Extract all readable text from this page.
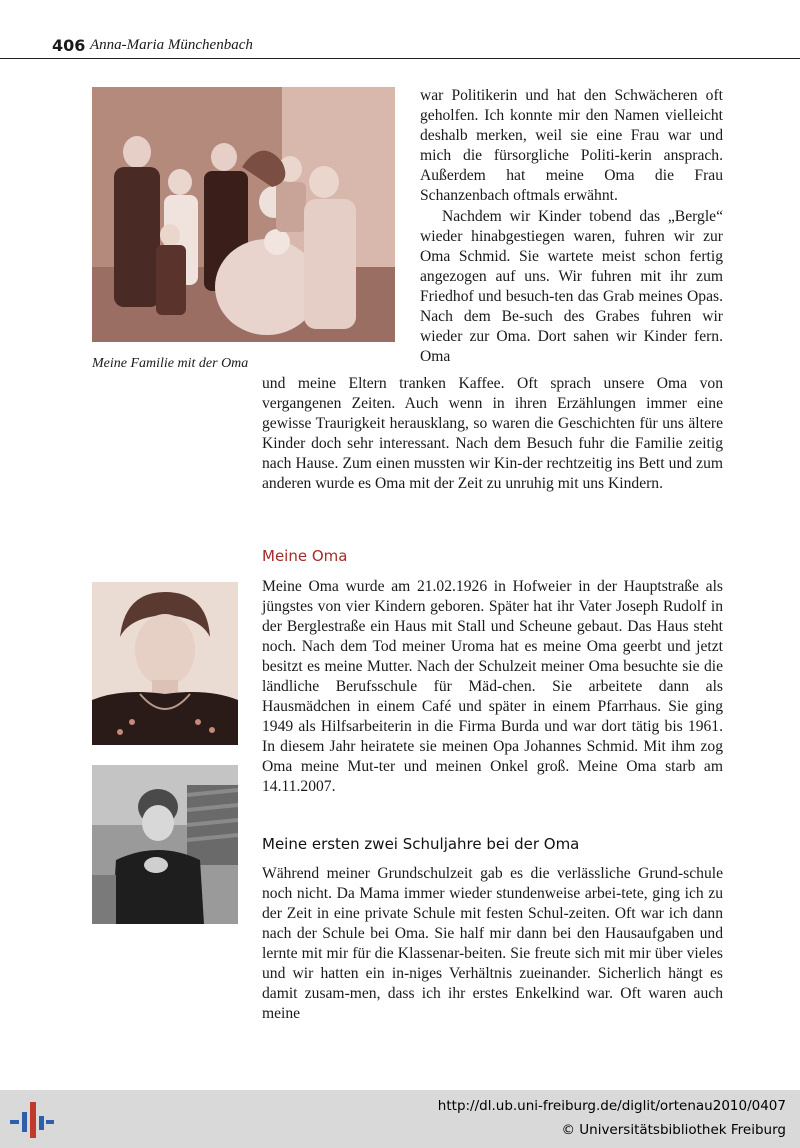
406 Anna-Maria Münchenbach
Meine Familie mit der Oma
war Politikerin und hat den Schwächeren oft geholfen. Ich konnte mir den Namen vielleicht deshalb merken, weil sie eine Frau war und mich die fürsorgliche Politi-kerin ansprach. Außerdem hat meine Oma die Frau Schanzenbach oftmals erwähnt.
Nachdem wir Kinder tobend das „Bergle“ wieder hinabgestiegen waren, fuhren wir zur Oma Schmid. Sie wartete meist schon fertig angezogen auf uns. Wir fuhren mit ihr zum Friedhof und besuch-ten das Grab meines Opas. Nach dem Be-such des Grabes fuhren wir wieder zur Oma. Dort sahen wir Kinder fern. Oma
und meine Eltern tranken Kaffee. Oft sprach unsere Oma von vergangenen Zeiten. Auch wenn in ihren Erzählungen immer eine gewisse Traurigkeit herausklang, so waren die Geschichten für uns ältere Kinder doch sehr interessant. Nach dem Besuch fuhr die Familie zeitig nach Hause. Zum einen mussten wir Kin-der rechtzeitig ins Bett und zum anderen wurde es Oma mit der Zeit zu unruhig mit uns Kindern.
Meine Oma
Meine Oma wurde am 21.02.1926 in Hofweier in der Hauptstraße als jüngstes von vier Kindern geboren. Später hat ihr Vater Joseph Rudolf in der Berglestraße ein Haus mit Stall und Scheune gebaut. Das Haus steht noch. Nach dem Tod meiner Uroma hat es meine Oma geerbt und jetzt besitzt es meine Mutter. Nach der Schulzeit meiner Oma besuchte sie die ländliche Berufsschule für Mäd-chen. Sie arbeitete dann als Hausmädchen in einem Café und später in einem Pfarrhaus. Sie ging 1949 als Hilfsarbeiterin in die Firma Burda und war dort tätig bis 1961. In diesem Jahr heiratete sie meinen Opa Johannes Schmid. Mit ihm zog Oma meine Mut-ter und meinen Onkel groß. Meine Oma starb am 14.11.2007.
Meine ersten zwei Schuljahre bei der Oma
Während meiner Grundschulzeit gab es die verlässliche Grund-schule noch nicht. Da Mama immer wieder stundenweise arbei-tete, ging ich zu der Zeit in eine private Schule mit festen Schul-zeiten. Oft war ich dann nach der Schule bei Oma. Sie half mir dann bei den Hausaufgaben und lernte mit mir für die Klassenar-beiten. Sie freute sich mit mir über vieles und wir hatten ein in-niges Verhältnis zueinander. Sicherlich hängt es damit zusam-men, dass ich ihr erstes Enkelkind war. Oft waren auch meine
http://dl.ub.uni-freiburg.de/diglit/ortenau2010/0407
© Universitätsbibliothek Freiburg
